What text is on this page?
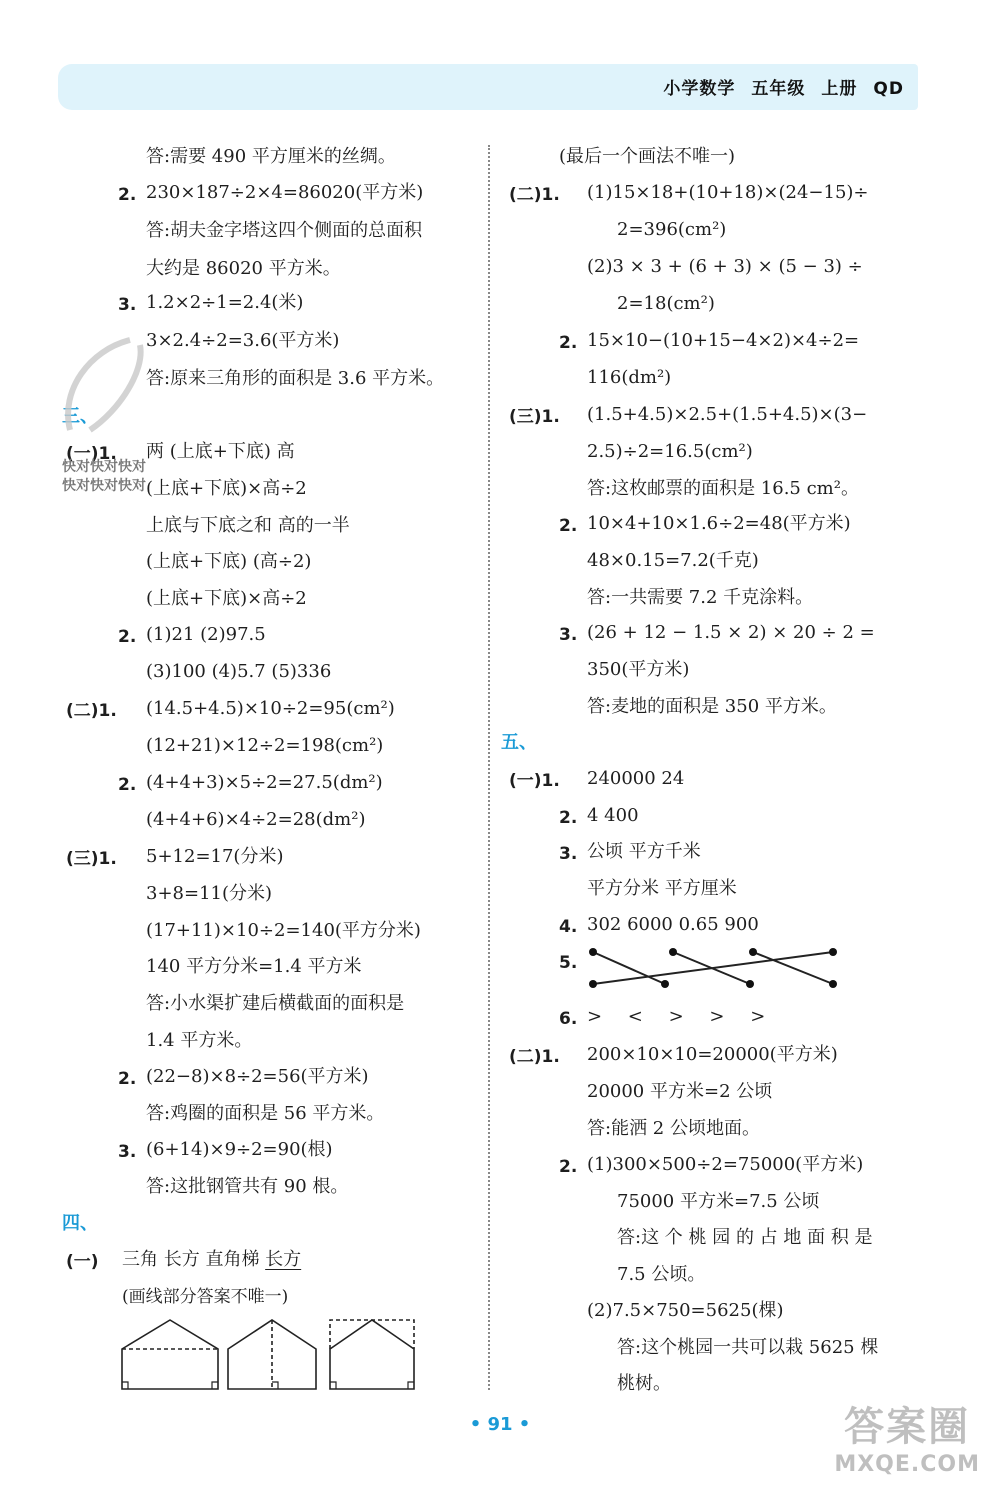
小学数学 五年级 上册 QD
答:需要 490 平方厘米的丝绸。
2. 230×187÷2×4=86020(平方米)
答:胡夫金字塔这四个侧面的总面积
大约是 86020 平方米。
3. 1.2×2÷1=2.4(米)
3×2.4÷2=3.6(平方米)
答:原来三角形的面积是 3.6 平方米。
三、
(一)1. 两 (上底+下底) 高
(上底+下底)×高÷2
上底与下底之和 高的一半
(上底+下底) (高÷2)
(上底+下底)×高÷2
2. (1)21 (2)97.5
(3)100 (4)5.7 (5)336
(二)1. (14.5+4.5)×10÷2=95(cm²)
(12+21)×12÷2=198(cm²)
2. (4+4+3)×5÷2=27.5(dm²)
(4+4+6)×4÷2=28(dm²)
(三)1. 5+12=17(分米)
3+8=11(分米)
(17+11)×10÷2=140(平方分米)
140 平方分米=1.4 平方米
答:小水渠扩建后横截面的面积是
1.4 平方米。
2. (22−8)×8÷2=56(平方米)
答:鸡圈的面积是 56 平方米。
3. (6+14)×9÷2=90(根)
答:这批钢管共有 90 根。
四、
(一) 三角 长方 直角梯 长方
(画线部分答案不唯一)
(最后一个画法不唯一)
(二)1. (1)15×18+(10+18)×(24−15)÷
2=396(cm²)
(2)3 × 3 + (6 + 3) × (5 − 3) ÷
2=18(cm²)
2. 15×10−(10+15−4×2)×4÷2=
116(dm²)
(三)1. (1.5+4.5)×2.5+(1.5+4.5)×(3−
2.5)÷2=16.5(cm²)
答:这枚邮票的面积是 16.5 cm²。
2. 10×4+10×1.6÷2=48(平方米)
48×0.15=7.2(千克)
答:一共需要 7.2 千克涂料。
3. (26 + 12 − 1.5 × 2) × 20 ÷ 2 =
350(平方米)
答:麦地的面积是 350 平方米。
五、
(一)1. 240000 24
2. 4 400
3. 公顷 平方千米
平方分米 平方厘米
4. 302 6000 0.65 900
5.
6. > < > > >
(二)1. 200×10×10=20000(平方米)
20000 平方米=2 公顷
答:能洒 2 公顷地面。
2. (1)300×500÷2=75000(平方米)
75000 平方米=7.5 公顷
答:这 个 桃 园 的 占 地 面 积 是
7.5 公顷。
(2)7.5×750=5625(棵)
答:这个桃园一共可以栽 5625 棵
桃树。
快对快对快对
快对快对快对
• 91 •	答案圈
MXQE.COM
